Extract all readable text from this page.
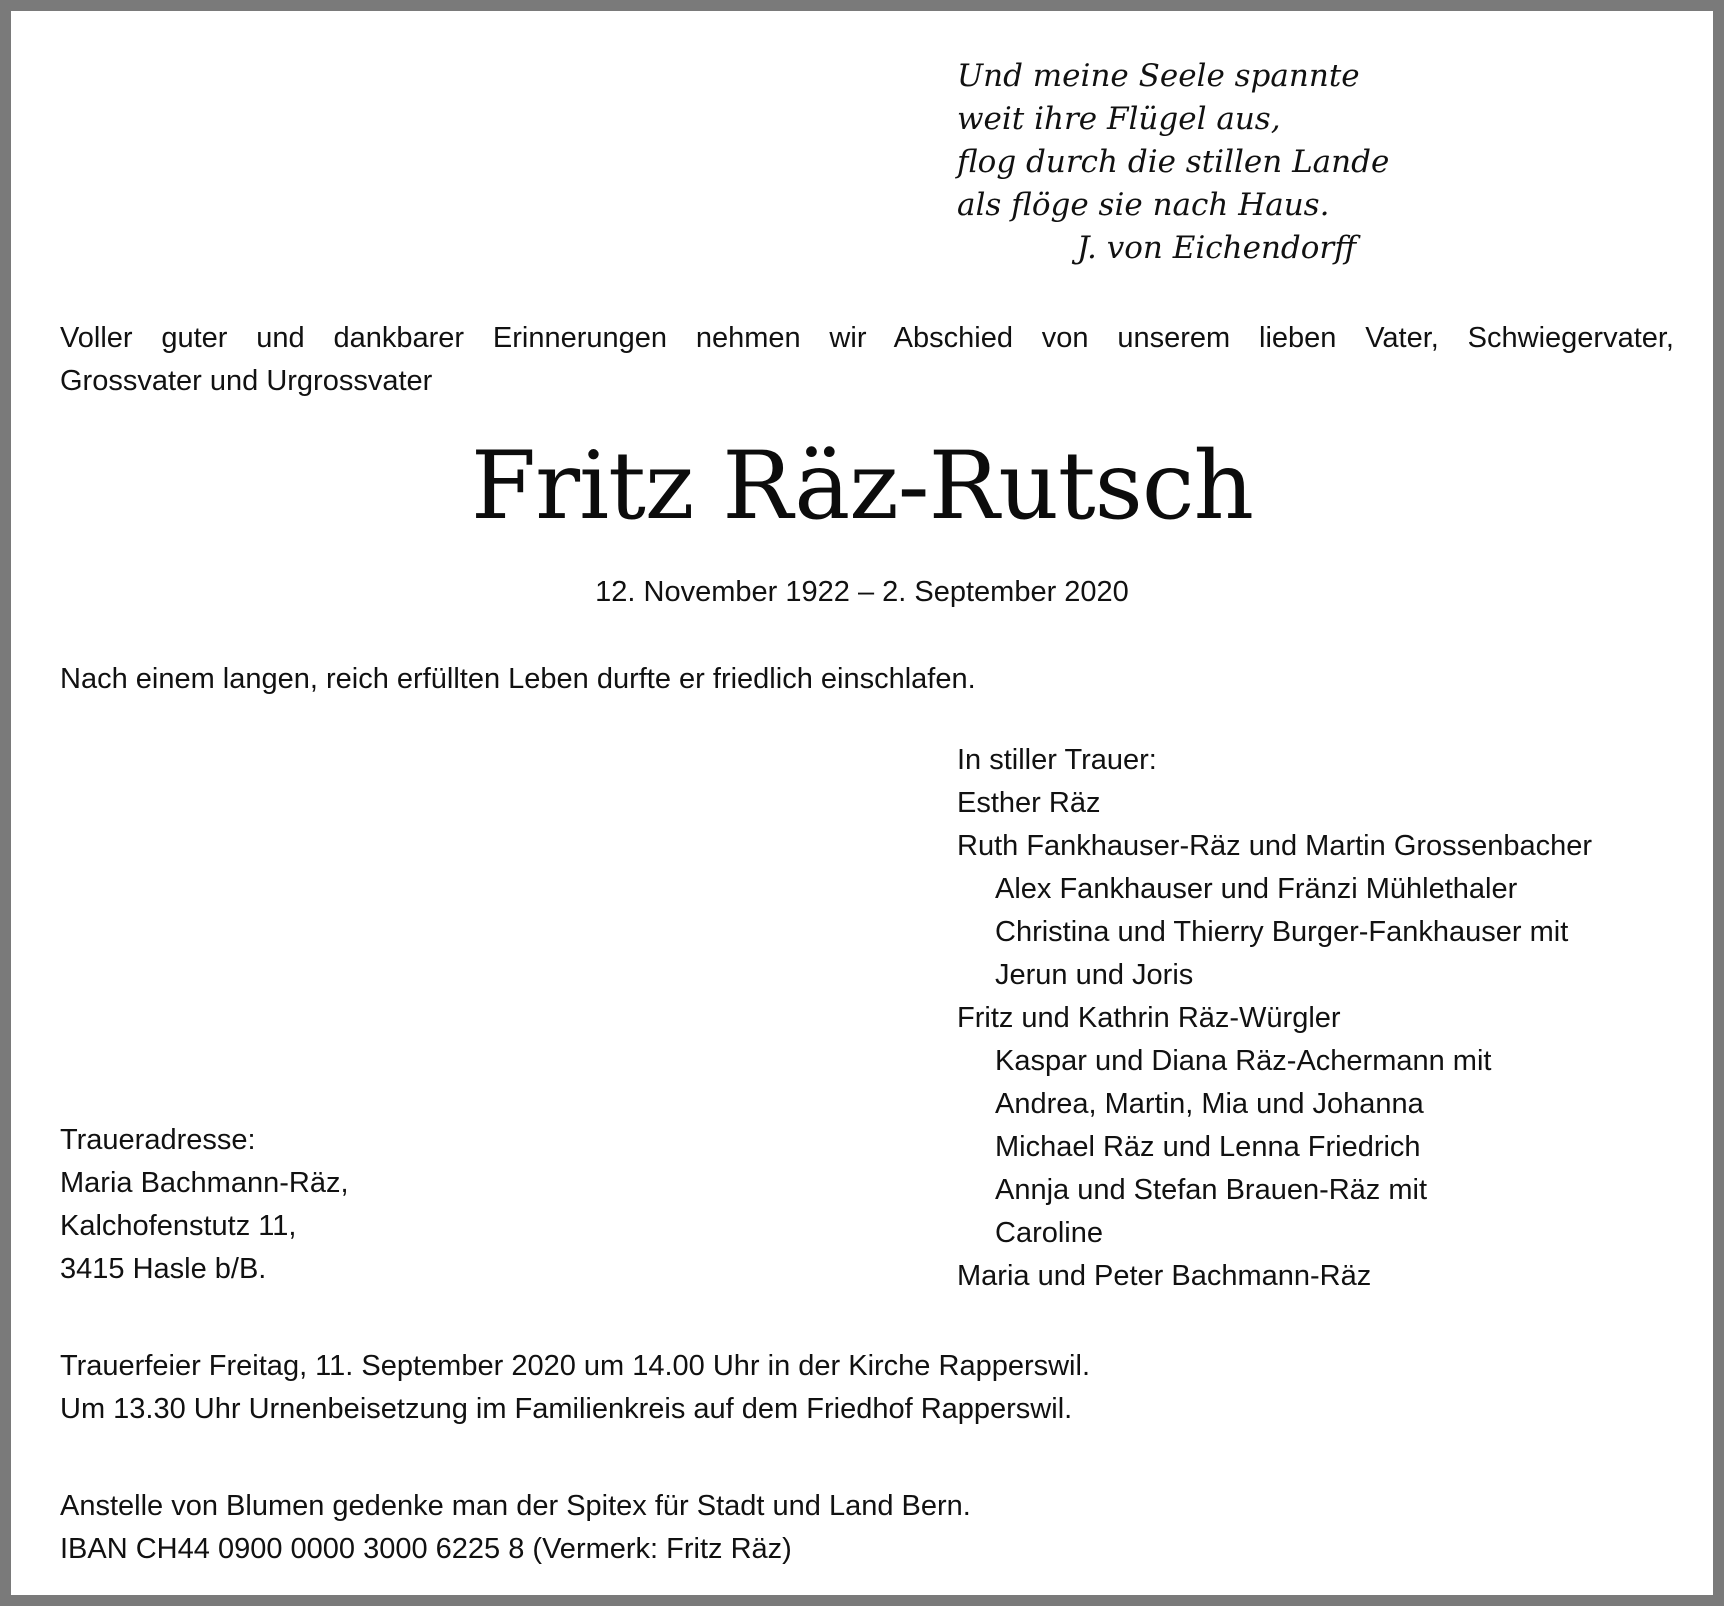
Und meine Seele spannte
weit ihre Flügel aus,
flog durch die stillen Lande
als flöge sie nach Haus.
J. von Eichendorff
Voller guter und dankbarer Erinnerungen nehmen wir Abschied von unserem lieben Vater, Schwiegervater,
Grossvater und Urgrossvater
Fritz Räz-Rutsch
12. November 1922 – 2. September 2020
Nach einem langen, reich erfüllten Leben durfte er friedlich einschlafen.
In stiller Trauer:
Esther Räz
Ruth Fankhauser-Räz und Martin Grossenbacher
Alex Fankhauser und Fränzi Mühlethaler
Christina und Thierry Burger-Fankhauser mit
Jerun und Joris
Fritz und Kathrin Räz-Würgler
Kaspar und Diana Räz-Achermann mit
Andrea, Martin, Mia und Johanna
Michael Räz und Lenna Friedrich
Annja und Stefan Brauen-Räz mit
Caroline
Maria und Peter Bachmann-Räz
Traueradresse:
Maria Bachmann-Räz,
Kalchofenstutz 11,
3415 Hasle b/B.
Trauerfeier Freitag, 11. September 2020 um 14.00 Uhr in der Kirche Rapperswil.
Um 13.30 Uhr Urnenbeisetzung im Familienkreis auf dem Friedhof Rapperswil.
Anstelle von Blumen gedenke man der Spitex für Stadt und Land Bern.
IBAN CH44 0900 0000 3000 6225 8 (Vermerk: Fritz Räz)
